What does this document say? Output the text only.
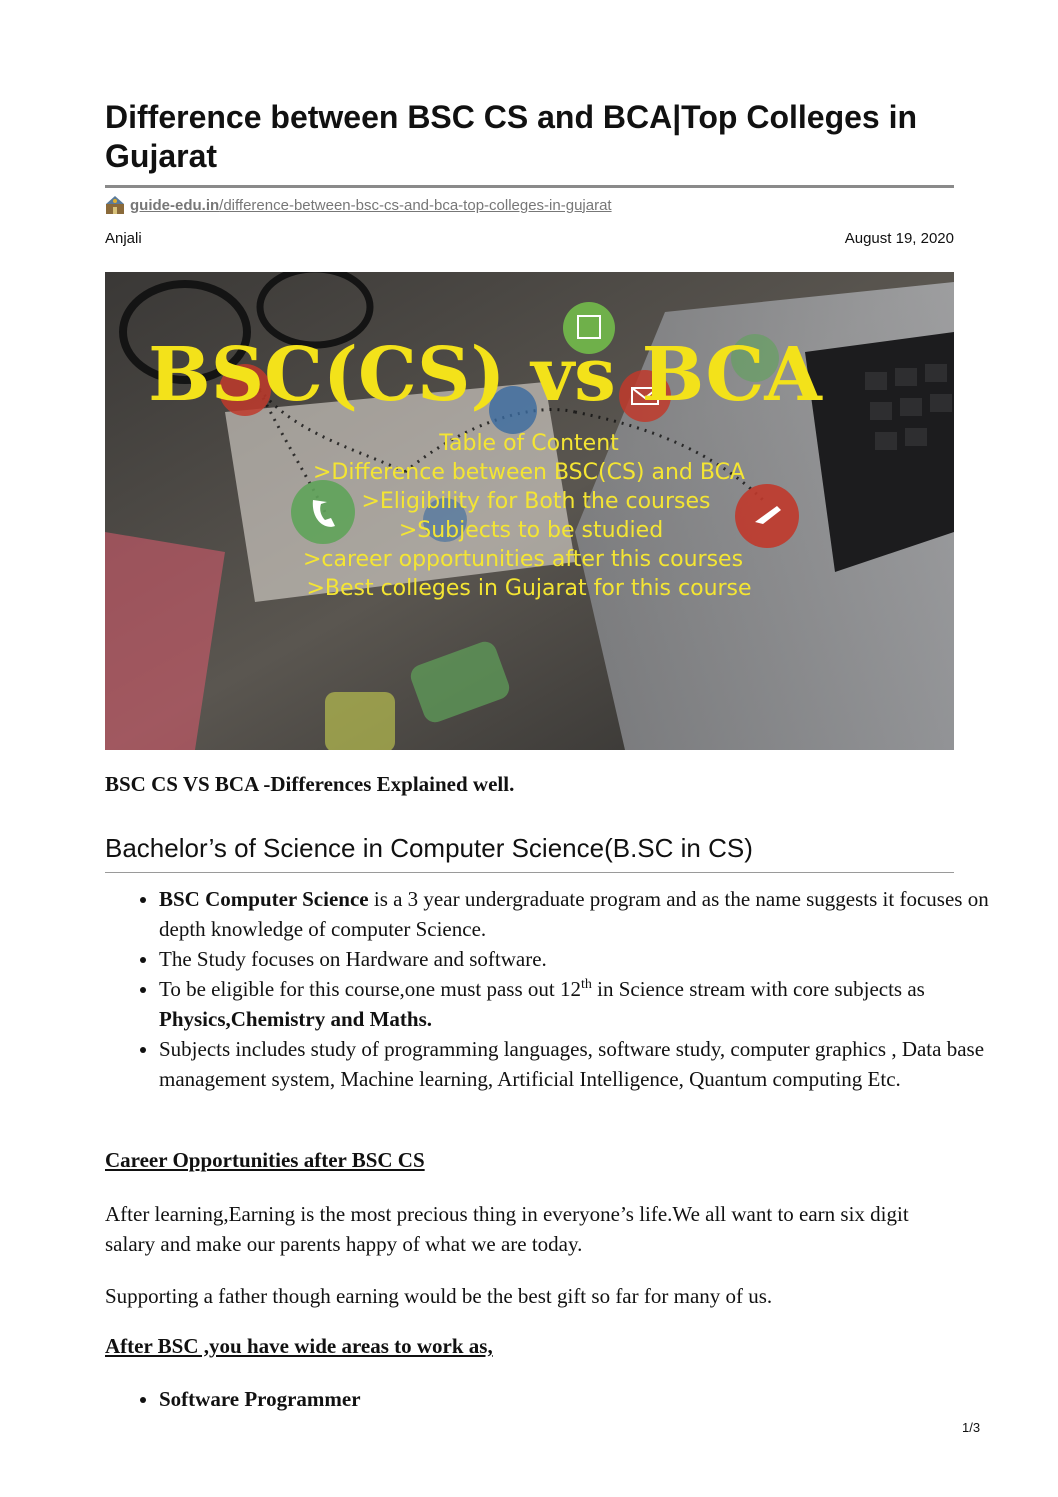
Difference between BSC CS and BCA|Top Colleges in Gujarat
guide-edu.in/difference-between-bsc-cs-and-bca-top-colleges-in-gujarat
Anjali	August 19, 2020
BSC(CS) vs BCA
Table of Content
>Difference between BSC(CS) and BCA
>Eligibility for Both the courses
>Subjects to be studied
>career opportunities after this courses
>Best colleges in Gujarat for this course

BSC CS VS BCA -Differences Explained well.

Bachelor’s of Science in Computer Science(B.SC in CS)
• BSC Computer Science is a 3 year undergraduate program and as the name suggests it focuses on depth knowledge of computer Science.
• The Study focuses on Hardware and software.
• To be eligible for this course,one must pass out 12th in Science stream with core subjects as Physics,Chemistry and Maths.
• Subjects includes study of programming languages, software study, computer graphics , Data base management system, Machine learning, Artificial Intelligence, Quantum computing Etc.

Career Opportunities after BSC CS

After learning,Earning is the most precious thing in everyone’s life.We all want to earn six digit salary and make our parents happy of what we are today.

Supporting a father though earning would be the best gift so far for many of us.

After BSC ,you have wide areas to work as,

• Software Programmer
1/3
